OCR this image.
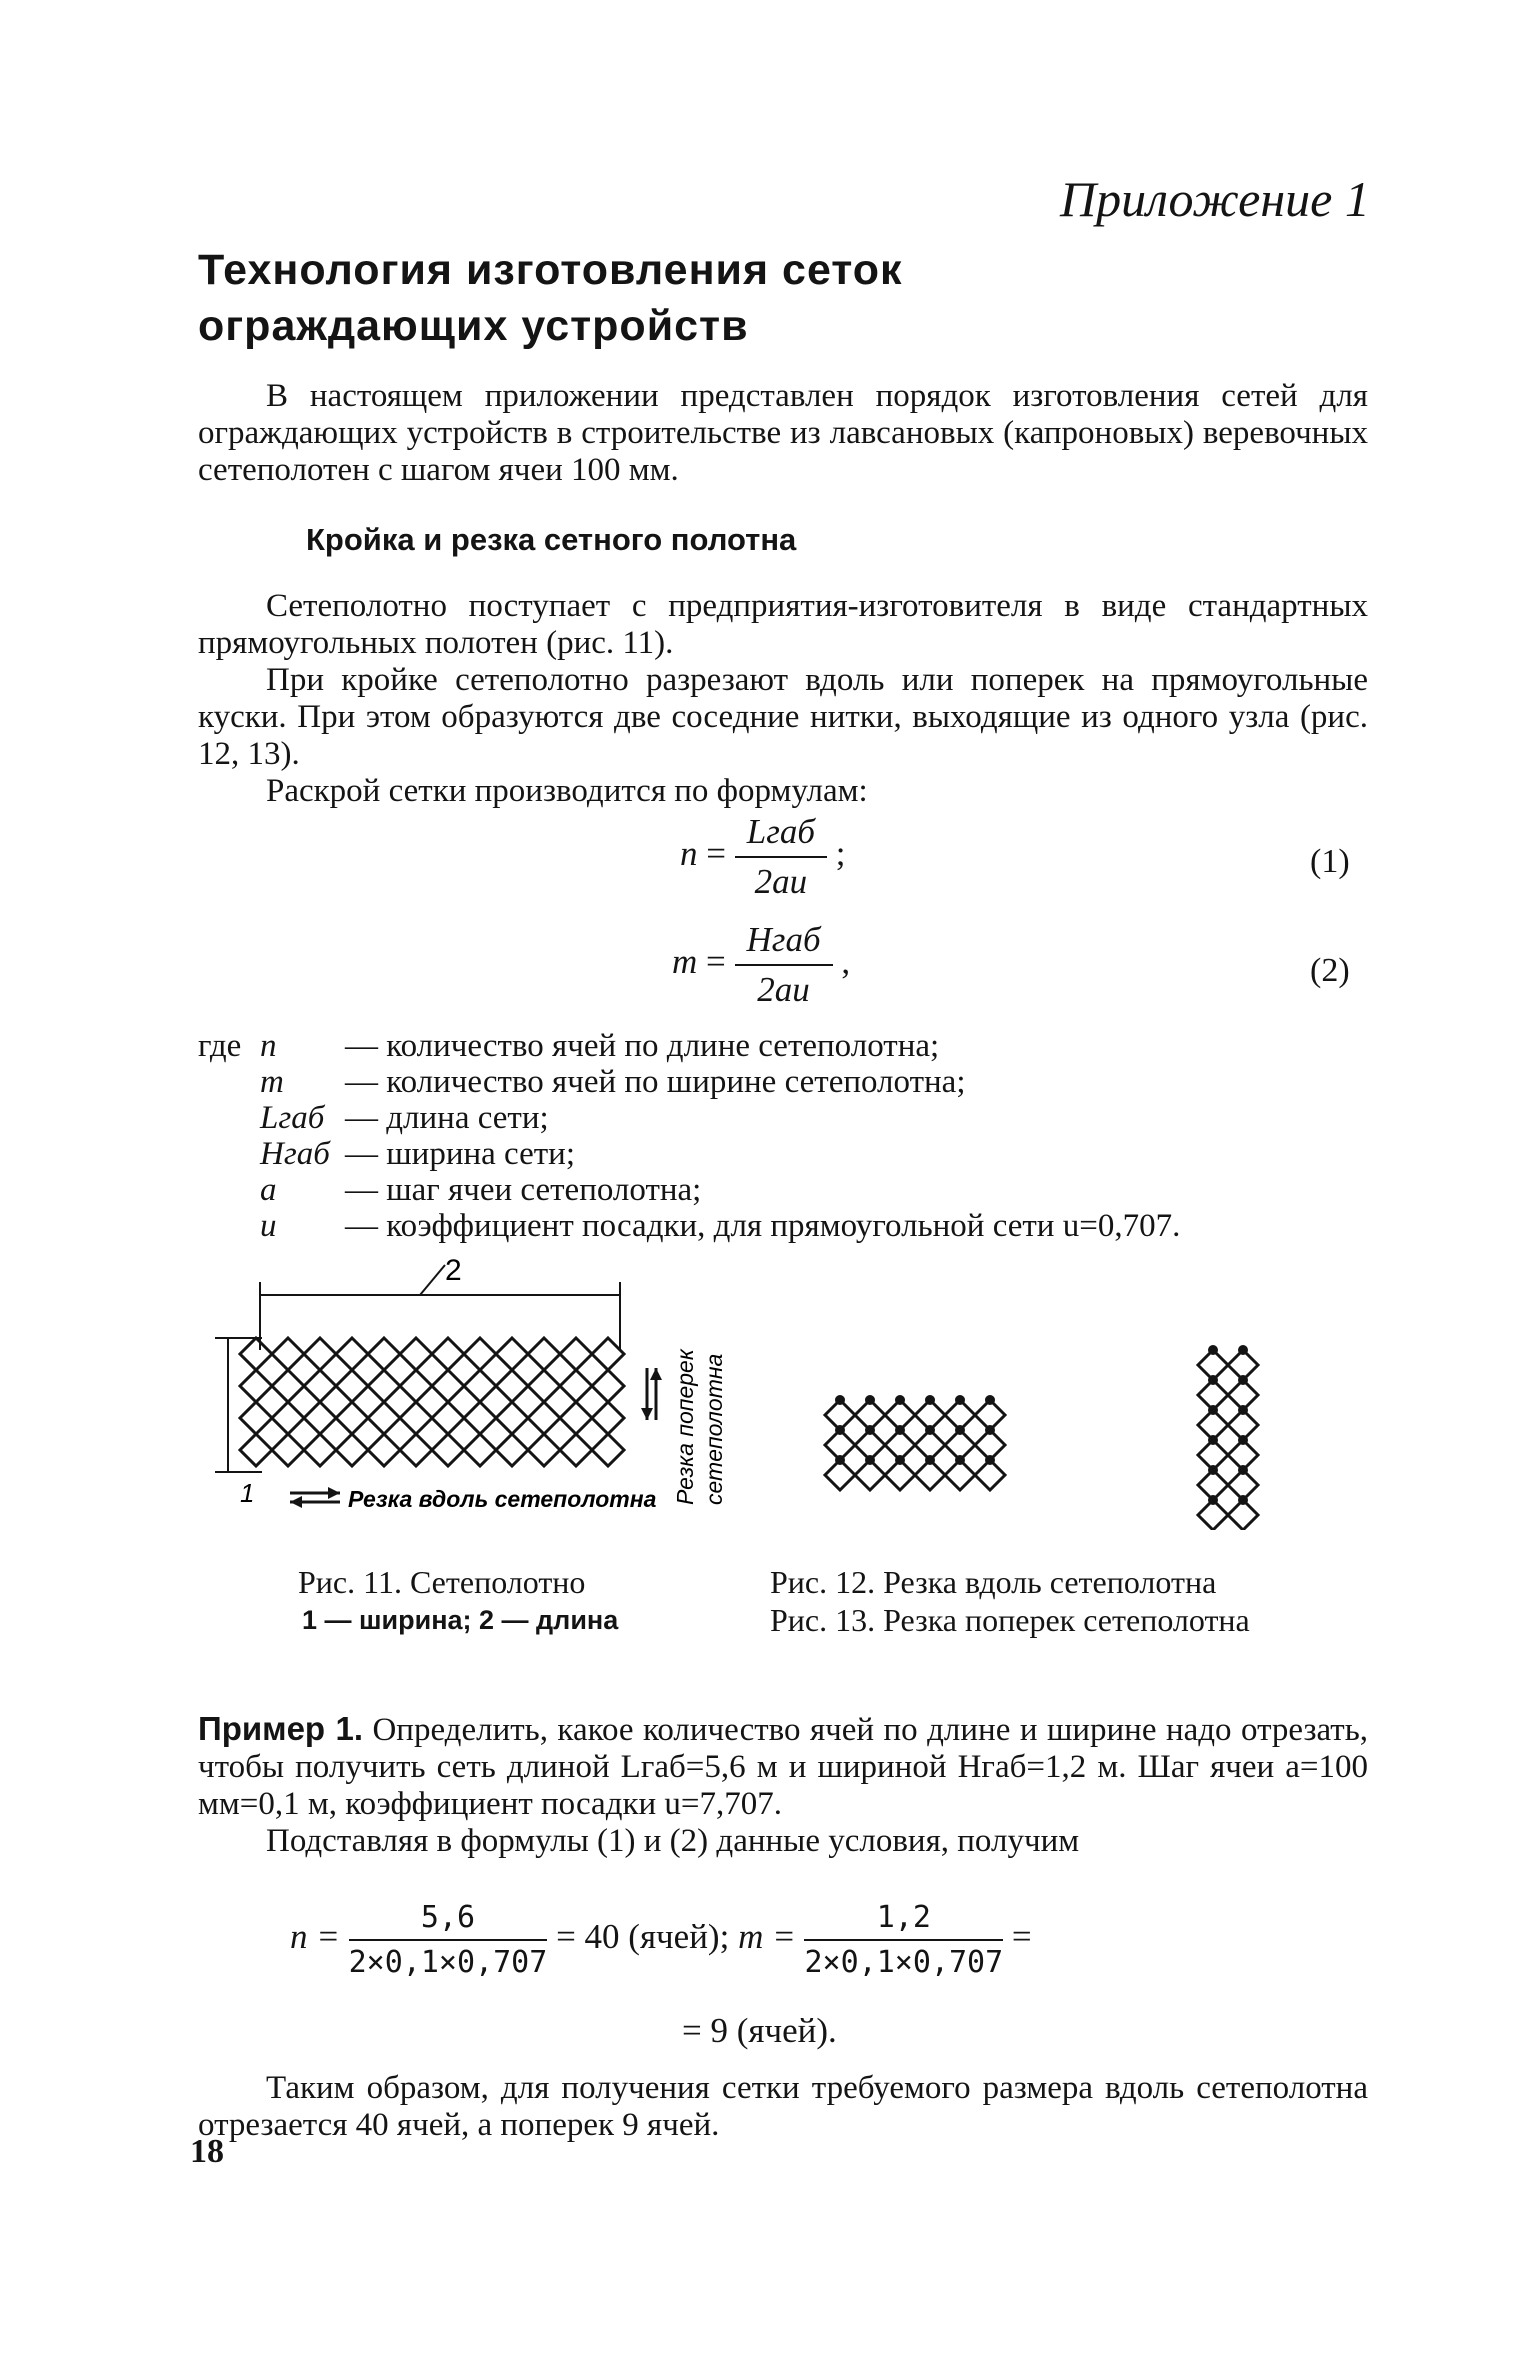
Приложение 1
Технология изготовления сеток
ограждающих устройств
В настоящем приложении представлен порядок изготовления сетей для ограждающих устройств в строительстве из лавсановых (капроновых) веревочных сетеполотен с шагом ячеи 100 мм.
Кройка и резка сетного полотна
Сетеполотно поступает с предприятия-изготовителя в виде стандартных прямоугольных полотен (рис. 11).
При кройке сетеполотно разрезают вдоль или поперек на прямоугольные куски. При этом образуются две соседние нитки, выходящие из одного узла (рис. 12, 13).
Раскрой сетки производится по формулам:
$n = \frac{\text{Lгаб}}{2au}$ ;	(1)
$m = \frac{\text{Hгаб}}{2au}$ ,	(2)
где n — количество ячей по длине сетеполотна;
m — количество ячей по ширине сетеполотна;
Lгаб — длина сети;
Hгаб — ширина сети;
a — шаг ячеи сетеполотна;
u — коэффициент посадки, для прямоугольной сети u=0,707.
2
1	Резка вдоль сетеполотна Резка поперек сетеполотна
Рис. 11. Сетеполотно
1 — ширина; 2 — длина
Рис. 12. Резка вдоль сетеполотна
Рис. 13. Резка поперек сетеполотна
Пример 1. Определить, какое количество ячей по длине и ширине надо отрезать, чтобы получить сеть длиной Lгаб=5,6 м и шириной Hгаб=1,2 м. Шаг ячеи a=100 мм=0,1 м, коэффициент посадки u=7,707.
Подставляя в формулы (1) и (2) данные условия, получим
$n = \frac{5,6}{2\times 0,1\times 0,707} = 40$ (ячей); $m = \frac{1,2}{2\times 0,1\times 0,707}$ =
= 9 (ячей).
Таким образом, для получения сетки требуемого размера вдоль сетеполотна отрезается 40 ячей, а поперек 9 ячей.
18
